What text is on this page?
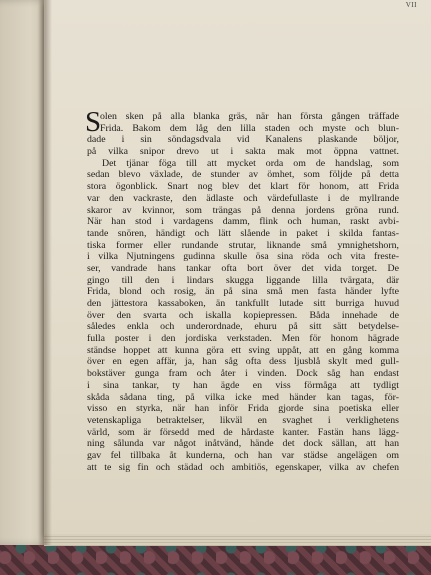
VII
S
olen sken på alla blanka gräs, när han första gången träffade
Frida. Bakom dem låg den lilla staden och myste och blun-
dade i sin söndagsdvala vid Kanalens plaskande böljor,
på vilka snipor drevo ut i sakta mak mot öppna vattnet.
Det tjänar föga till att mycket orda om de handslag, som
sedan blevo växlade, de stunder av ömhet, som följde på detta
stora ögonblick. Snart nog blev det klart för honom, att Frida
var den vackraste, den ädlaste och värdefullaste i de myllrande
skaror av kvinnor, som trängas på denna jordens gröna rund.
När han stod i vardagens damm, flink och human, raskt avbi-
tande snören, händigt och lätt slående in paket i skilda fantas-
tiska former eller rundande strutar, liknande små ymnighetshorn,
i vilka Njutningens gudinna skulle ösa sina röda och vita freste-
ser, vandrade hans tankar ofta bort över det vida torget. De
gingo till den i lindars skugga liggande lilla tvärgata, där
Frida, blond och rosig, än på sina små men fasta händer lyfte
den jättestora kassaboken, än tankfullt lutade sitt burriga huvud
över den svarta och iskalla kopiepressen. Båda innehade de
således enkla och underordnade, ehuru på sitt sätt betydelse-
fulla poster i den jordiska verkstaden. Men för honom hägrade
ständse hoppet att kunna göra ett sving uppåt, att en gång komma
över en egen affär, ja, han såg ofta dess ljusblå skylt med gull-
bokstäver gunga fram och åter i vinden. Dock såg han endast
i sina tankar, ty han ägde en viss förmåga att tydligt
skåda sådana ting, på vilka icke med händer kan tagas, för-
visso en styrka, när han inför Frida gjorde sina poetiska eller
vetenskapliga betraktelser, likväl en svaghet i verklighetens
värld, som är försedd med de hårdaste kanter. Fastän hans lägg-
ning sålunda var något inåtvänd, hände det dock sällan, att han
gav fel tillbaka åt kunderna, och han var städse angelägen om
att te sig fin och städad och ambitiös, egenskaper, vilka av chefen
